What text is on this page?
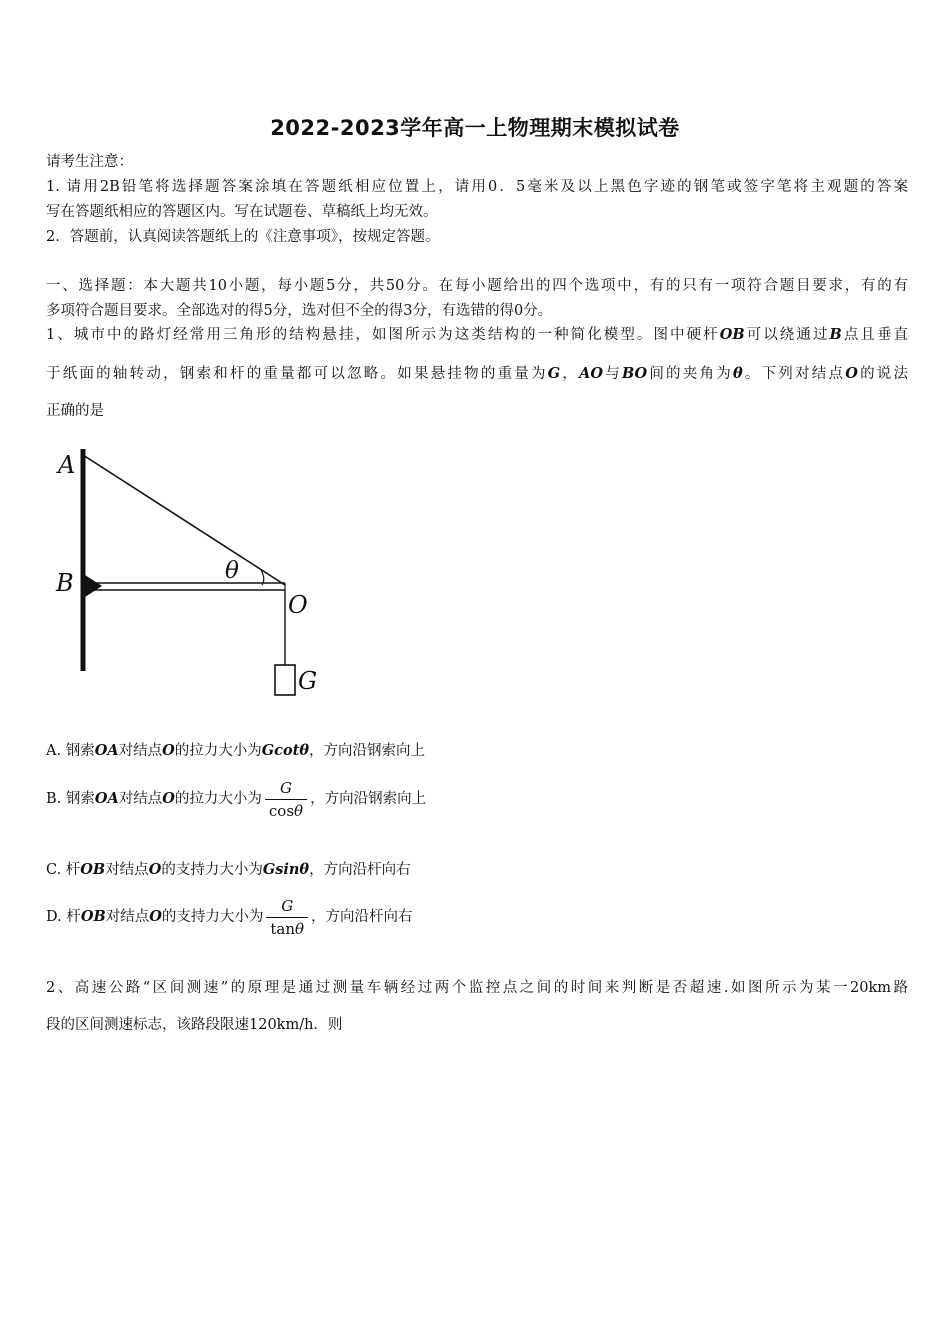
2022-2023学年高一上物理期末模拟试卷
请考生注意：
1. 请用2B铅笔将选择题答案涂填在答题纸相应位置上，请用0．5毫米及以上黑色字迹的钢笔或签字笔将主观题的答案
写在答题纸相应的答题区内。写在试题卷、草稿纸上均无效。
2．答题前，认真阅读答题纸上的《注意事项》，按规定答题。
一、选择题：本大题共10小题，每小题5分，共50分。在每小题给出的四个选项中，有的只有一项符合题目要求，有的有
多项符合题目要求。全部选对的得5分，选对但不全的得3分，有选错的得0分。
1、城市中的路灯经常用三角形的结构悬挂，如图所示为这类结构的一种简化模型。图中硬杆OB可以绕通过B点且垂直
于纸面的轴转动，钢索和杆的重量都可以忽略。如果悬挂物的重量为G，AO与BO间的夹角为θ。下列对结点O的说法
正确的是
A
B	θ
O
G
A. 钢索OA对结点O的拉力大小为Gcotθ，方向沿钢索向上
B. 钢索OA对结点O的拉力大小为 $\frac{G}{\cos\theta}$ ，方向沿钢索向上
C. 杆OB对结点O的支持力大小为Gsinθ，方向沿杆向右
D. 杆OB对结点O的支持力大小为 $\frac{G}{\tan\theta}$ ，方向沿杆向右
2、高速公路“区间测速”的原理是通过测量车辆经过两个监控点之间的时间来判断是否超速.如图所示为某一20km路
段的区间测速标志，该路段限速120km/h．则
